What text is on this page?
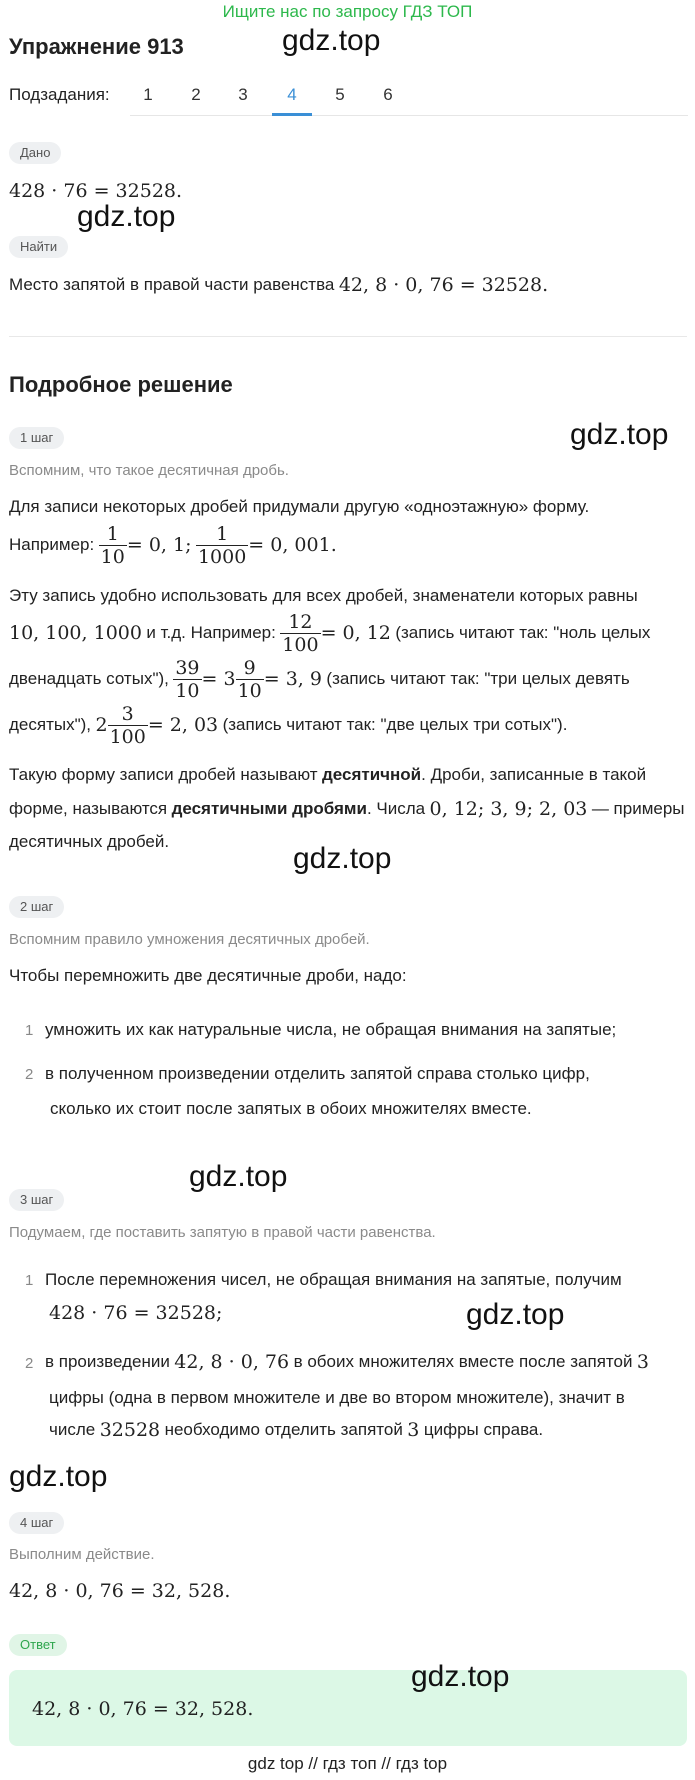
Ищите нас по запросу ГДЗ ТОП
Упражнение 913	gdz.top
Подзадания:	1	2	3	4	5	6
Дано
428 · 76 = 32528.
gdz.top
Найти
Место запятой в правой части равенства
42, 8 · 0, 76 = 32528.
Подробное решение
1 шаг	gdz.top
Вспомним, что такое десятичная дробь.
Для записи некоторых дробей придумали другую «одноэтажную» форму.
Например:
$\frac{1}{10} = 0$, 1;
$\frac{1}{1000} = 0$, 001.
Эту запись удобно использовать для всех дробей, знаменатели которых равны
10, 100, 1000
и т.д. Например:
$\frac{12}{100} = 0$, 12
(запись читают так: "ноль целых
двенадцать сотых"),
$\frac{39}{10} = 3 \frac{9}{10} = 3$, 9
(запись читают так: "три целых девять
десятых"),
$2 \frac{3}{100} = 2$, 03
(запись читают так: "две целых три сотых").
Такую форму записи дробей называют
десятичной . Дроби, записанные в такой
форме, называются
десятичными дробями . Числа
0, 12; 3, 9; 2, 03
— примеры
десятичных дробей.
gdz.top
2 шаг
Вспомним правило умножения десятичных дробей.
Чтобы перемножить две десятичные дроби, надо:
1 умножить их как натуральные числа, не обращая внимания на запятые;
2 в полученном произведении отделить запятой справа столько цифр,
сколько их стоит после запятых в обоих множителях вместе.
gdz.top
3 шаг
Подумаем, где поставить запятую в правой части равенства.
1 После перемножения чисел, не обращая внимания на запятые, получим
428 · 76 = 32528;	gdz.top
2 в произведении
42, 8 · 0, 76
в обоих множителях вместе после запятой
3
цифры (одна в первом множителе и две во втором множителе), значит в
числе
32528
необходимо отделить запятой
3
цифры справа.
gdz.top
4 шаг
Выполним действие.
42, 8 · 0, 76 = 32, 528.
Ответ
gdz.top
42, 8 · 0, 76 = 32, 528.
gdz top // гдз топ // гдз top
